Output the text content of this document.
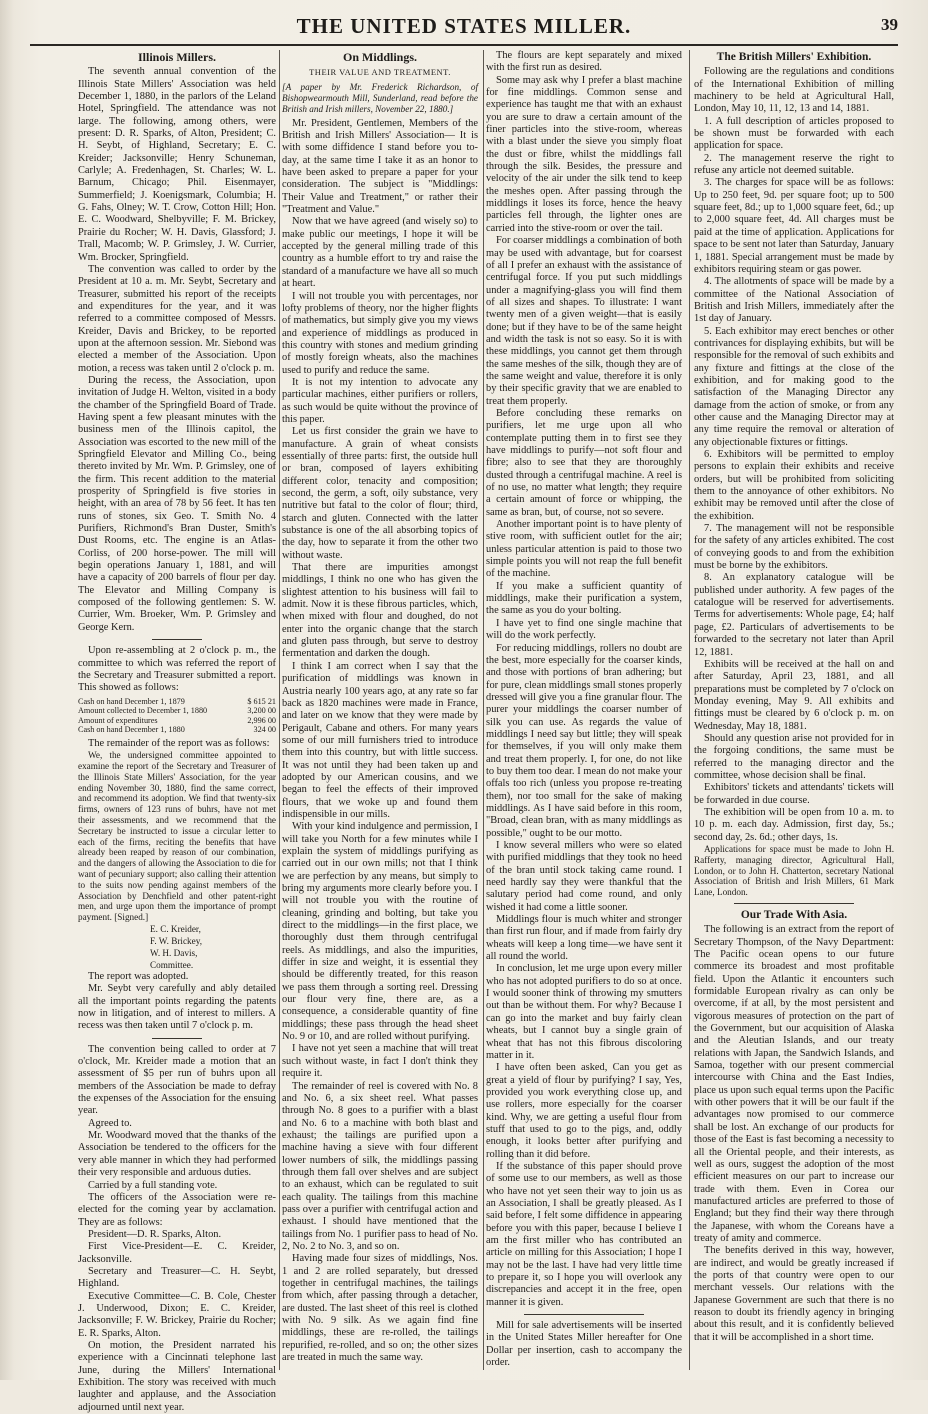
THE UNITED STATES MILLER.	39
Illinois Millers.

The seventh annual convention of the Illinois State Millers' Association was held December 1, 1880, in the parlors of the Leland Hotel, Springfield. The attendance was not large. The following, among others, were present: D. R. Sparks, of Alton, President; C. H. Seybt, of Highland, Secretary; E. C. Kreider; Jacksonville; Henry Schuneman, Carlyle; A. Fredenhagen, St. Charles; W. L. Barnum, Chicago; Phil. Eisenmayer, Summerfield; J. Koenigsmark, Columbia; H. G. Fahs, Olney; W. T. Crow, Cotton Hill; Hon. E. C. Woodward, Shelbyville; F. M. Brickey, Prairie du Rocher; W. H. Davis, Glassford; J. Trall, Macomb; W. P. Grimsley, J. W. Currier, Wm. Brocker, Springfield.

The convention was called to order by the President at 10 a. m. Mr. Seybt, Secretary and Treasurer, submitted his report of the receipts and expenditures for the year, and it was referred to a committee composed of Messrs. Kreider, Davis and Brickey, to be reported upon at the afternoon session. Mr. Siebond was elected a member of the Association. Upon motion, a recess was taken until 2 o'clock p. m.

During the recess, the Association, upon invitation of Judge H. Welton, visited in a body the chamber of the Springfield Board of Trade. Having spent a few pleasant minutes with the business men of the Illinois capitol, the Association was escorted to the new mill of the Springfield Elevator and Milling Co., being thereto invited by Mr. Wm. P. Grimsley, one of the firm. This recent addition to the material prosperity of Springfield is five stories in height, with an area of 78 by 56 feet. It has ten runs of stones, six Geo. T. Smith No. 4 Purifiers, Richmond's Bran Duster, Smith's Dust Rooms, etc. The engine is an Atlas-Corliss, of 200 horse-power. The mill will begin operations January 1, 1881, and will have a capacity of 200 barrels of flour per day. The Elevator and Milling Company is composed of the following gentlemen: S. W. Currier, Wm. Broeker, Wm. P. Grimsley and George Kern.

Upon re-assembling at 2 o'clock p. m., the committee to which was referred the report of the Secretary and Treasurer submitted a report. This showed as follows:

Cash on hand December 1, 1879	$ 615 21
Amount collected to December 1, 1880	3,200 00
Amount of expenditures	2,996 00
Cash on hand December 1, 1880	324 00

The remainder of the report was as follows:

We, the undersigned committee appointed to examine the report of the Secretary and Treasurer of the Illinois State Millers' Association, for the year ending November 30, 1880, find the same correct, and recommend its adoption. We find that twenty-six firms, owners of 123 runs of buhrs, have not met their assessments, and we recommend that the Secretary be instructed to issue a circular letter to each of the firms, reciting the benefits that have already been reaped by reason of our combination, and the dangers of allowing the Association to die for want of pecuniary support; also calling their attention to the suits now pending against members of the Association by Denchfield and other patent-right men, and urge upon them the importance of prompt payment. [Signed.]

E. C. Kreider,
F. W. Brickey,
W. H. Davis,
Committee.

The report was adopted.

Mr. Seybt very carefully and ably detailed all the important points regarding the patents now in litigation, and of interest to millers. A recess was then taken until 7 o'clock p. m.

The convention being called to order at 7 o'clock, Mr. Kreider made a motion that an assessment of $5 per run of buhrs upon all members of the Association be made to defray the expenses of the Association for the ensuing year.

Agreed to.

Mr. Woodward moved that the thanks of the Association be tendered to the officers for the very able manner in which they had performed their very responsible and arduous duties.

Carried by a full standing vote.

The officers of the Association were re-elected for the coming year by acclamation. They are as follows:

President—D. R. Sparks, Alton.

First Vice-President—E. C. Kreider, Jacksonville.

Secretary and Treasurer—C. H. Seybt, Highland.

Executive Committee—C. B. Cole, Chester J. Underwood, Dixon; E. C. Kreider, Jacksonville; F. W. Brickey, Prairie du Rocher; E. R. Sparks, Alton.

On motion, the President narrated his experience with a Cincinnati telephone last June, during the Millers' International Exhibition. The story was received with much laughter and applause, and the Association adjourned until next year.

On Middlings.
THEIR VALUE AND TREATMENT.

[A paper by Mr. Frederick Richardson, of Bishopwearmouth Mill, Sunderland, read before the British and Irish millers, November 22, 1880.]

Mr. President, Gentlemen, Members of the British and Irish Millers' Association— It is with some diffidence I stand before you to-day, at the same time I take it as an honor to have been asked to prepare a paper for your consideration. The subject is "Middlings: Their Value and Treatment," or rather their "Treatment and Value."

Now that we have agreed (and wisely so) to make public our meetings, I hope it will be accepted by the general milling trade of this country as a humble effort to try and raise the standard of a manufacture we have all so much at heart.

I will not trouble you with percentages, nor lofty problems of theory, nor the higher flights of mathematics, but simply give you my views and experience of middlings as produced in this country with stones and medium grinding of mostly foreign wheats, also the machines used to purify and reduce the same.

It is not my intention to advocate any particular machines, either purifiers or rollers, as such would be quite without the province of this paper.

Let us first consider the grain we have to manufacture. A grain of wheat consists essentially of three parts: first, the outside hull or bran, composed of layers exhibiting different color, tenacity and composition; second, the germ, a soft, oily substance, very nutritive but fatal to the color of flour; third, starch and gluten. Connected with the latter substance is one of the all absorbing topics of the day, how to separate it from the other two without waste.

That there are impurities amongst middlings, I think no one who has given the slightest attention to his business will fail to admit. Now it is these fibrous particles, which, when mixed with flour and doughed, do not enter into the organic change that the starch and gluten pass through, but serve to destroy fermentation and darken the dough.

I think I am correct when I say that the purification of middlings was known in Austria nearly 100 years ago, at any rate so far back as 1820 machines were made in France, and later on we know that they were made by Perigault, Cabane and others. For many years some of our mill furnishers tried to introduce them into this country, but with little success. It was not until they had been taken up and adopted by our American cousins, and we began to feel the effects of their improved flours, that we woke up and found them indispensible in our mills.

With your kind indulgence and permission, I will take you North for a few minutes while I explain the system of middlings purifying as carried out in our own mills; not that I think we are perfection by any means, but simply to bring my arguments more clearly before you. I will not trouble you with the routine of cleaning, grinding and bolting, but take you direct to the middlings—in the first place, we thoroughly dust them through centrifugal reels. As middlings, and also the impurities, differ in size and weight, it is essential they should be differently treated, for this reason we pass them through a sorting reel. Dressing our flour very fine, there are, as a consequence, a considerable quantity of fine middlings; these pass through the head sheet No. 9 or 10, and are rolled without purifying.

I have not yet seen a machine that will treat such without waste, in fact I don't think they require it.

The remainder of reel is covered with No. 8 and No. 6, a six sheet reel. What passes through No. 8 goes to a purifier with a blast and No. 6 to a machine with both blast and exhaust; the tailings are purified upon a machine having a sieve with four different lower numbers of silk, the middlings passing through them fall over shelves and are subject to an exhaust, which can be regulated to suit each quality. The tailings from this machine pass over a purifier with centrifugal action and exhaust. I should have mentioned that the tailings from No. 1 purifier pass to head of No. 2, No. 2 to No. 3, and so on.

Having made four sizes of middlings, Nos. 1 and 2 are rolled separately, but dressed together in centrifugal machines, the tailings from which, after passing through a detacher, are dusted. The last sheet of this reel is clothed with No. 9 silk. As we again find fine middlings, these are re-rolled, the tailings repurified, re-rolled, and so on; the other sizes are treated in much the same way.

The flours are kept separately and mixed with the first run as desired.

Some may ask why I prefer a blast machine for fine middlings. Common sense and experience has taught me that with an exhaust you are sure to draw a certain amount of the finer particles into the stive-room, whereas with a blast under the sieve you simply float the dust or fibre, whilst the middlings fall through the silk. Besides, the pressure and velocity of the air under the silk tend to keep the meshes open. After passing through the middlings it loses its force, hence the heavy particles fell through, the lighter ones are carried into the stive-room or over the tail.

For coarser middlings a combination of both may be used with advantage, but for coarsest of all I prefer an exhaust with the assistance of centrifugal force. If you put such middlings under a magnifying-glass you will find them of all sizes and shapes. To illustrate: I want twenty men of a given weight—that is easily done; but if they have to be of the same height and width the task is not so easy. So it is with these middlings, you cannot get them through the same meshes of the silk, though they are of the same weight and value, therefore it is only by their specific gravity that we are enabled to treat them properly.

Before concluding these remarks on purifiers, let me urge upon all who contemplate putting them in to first see they have middlings to purify—not soft flour and fibre; also to see that they are thoroughly dusted through a centrifugal machine. A reel is of no use, no matter what length; they require a certain amount of force or whipping, the same as bran, but, of course, not so severe.

Another important point is to have plenty of stive room, with sufficient outlet for the air; unless particular attention is paid to those two simple points you will not reap the full benefit of the machine.

If you make a sufficient quantity of middlings, make their purification a system, the same as you do your bolting.

I have yet to find one single machine that will do the work perfectly.

For reducing middlings, rollers no doubt are the best, more especially for the coarser kinds, and those with portions of bran adhering; but for pure, clean middlings small stones properly dressed will give you a fine granular flour. The purer your middlings the coarser number of silk you can use. As regards the value of middlings I need say but little; they will speak for themselves, if you will only make them and treat them properly. I, for one, do not like to buy them too dear. I mean do not make your offals too rich (unless you propose re-treating them), nor too small for the sake of making middlings. As I have said before in this room, "Broad, clean bran, with as many middlings as possible," ought to be our motto.

I know several millers who were so elated with purified middlings that they took no heed of the bran until stock taking came round. I need hardly say they were thankful that the salutary period had come round, and only wished it had come a little sooner.

Middlings flour is much whiter and stronger than first run flour, and if made from fairly dry wheats will keep a long time—we have sent it all round the world.

In conclusion, let me urge upon every miller who has not adopted purifiers to do so at once. I would sooner think of throwing my smutters out than be without them. For why? Because I can go into the market and buy fairly clean wheats, but I cannot buy a single grain of wheat that has not this fibrous discoloring matter in it.

I have often been asked, Can you get as great a yield of flour by purifying? I say, Yes, provided you work everything close up, and use rollers, more especially for the coarser kind. Why, we are getting a useful flour from stuff that used to go to the pigs, and, oddly enough, it looks better after purifying and rolling than it did before.

If the substance of this paper should prove of some use to our members, as well as those who have not yet seen their way to join us as an Association, I shall be greatly pleased. As I said before, I felt some diffidence in appearing before you with this paper, because I believe I am the first miller who has contributed an article on milling for this Association; I hope I may not be the last. I have had very little time to prepare it, so I hope you will overlook any discrepancies and accept it in the free, open manner it is given.

Mill for sale advertisements will be inserted in the United States Miller hereafter for One Dollar per insertion, cash to accompany the order.

The British Millers' Exhibition.

Following are the regulations and conditions of the International Exhibition of milling machinery to be held at Agricultural Hall, London, May 10, 11, 12, 13 and 14, 1881.

1. A full description of articles proposed to be shown must be forwarded with each application for space.

2. The management reserve the right to refuse any article not deemed suitable.

3. The charges for space will be as follows: Up to 250 feet, 9d. per square foot; up to 500 square feet, 8d.; up to 1,000 square feet, 6d.; up to 2,000 square feet, 4d. All charges must be paid at the time of application. Applications for space to be sent not later than Saturday, January 1, 1881. Special arrangement must be made by exhibitors requiring steam or gas power.

4. The allotments of space will be made by a committee of the National Association of British and Irish Millers, immediately after the 1st day of January.

5. Each exhibitor may erect benches or other contrivances for displaying exhibits, but will be responsible for the removal of such exhibits and any fixture and fittings at the close of the exhibition, and for making good to the satisfaction of the Managing Director any damage from the action of smoke, or from any other cause and the Managing Director may at any time require the removal or alteration of any objectionable fixtures or fittings.

6. Exhibitors will be permitted to employ persons to explain their exhibits and receive orders, but will be prohibited from soliciting them to the annoyance of other exhibitors. No exhibit may be removed until after the close of the exhibition.

7. The management will not be responsible for the safety of any articles exhibited. The cost of conveying goods to and from the exhibition must be borne by the exhibitors.

8. An explanatory catalogue will be published under authority. A few pages of the catalogue will be reserved for advertisements. Terms for advertisements: Whole page, £4; half page, £2. Particulars of advertisements to be forwarded to the secretary not later than April 12, 1881.

Exhibits will be received at the hall on and after Saturday, April 23, 1881, and all preparations must be completed by 7 o'clock on Monday evening, May 9. All exhibits and fittings must be cleared by 6 o'clock p. m. on Wednesday, May 18, 1881.

Should any question arise not provided for in the forgoing conditions, the same must be referred to the managing director and the committee, whose decision shall be final.

Exhibitors' tickets and attendants' tickets will be forwarded in due course.

The exhibition will be open from 10 a. m. to 10 p. m. each day. Admission, first day, 5s.; second day, 2s. 6d.; other days, 1s.

Applications for space must be made to John H. Rafferty, managing director, Agricultural Hall, London, or to John H. Chatterton, secretary National Association of British and Irish Millers, 61 Mark Lane, London.

Our Trade With Asia.

The following is an extract from the report of Secretary Thompson, of the Navy Department: The Pacific ocean opens to our future commerce its broadest and most profitable field. Upon the Atlantic it encounters such formidable European rivalry as can only be overcome, if at all, by the most persistent and vigorous measures of protection on the part of the Government, but our acquisition of Alaska and the Aleutian Islands, and our treaty relations with Japan, the Sandwich Islands, and Samoa, together with our present commercial intercourse with China and the East Indies, place us upon such equal terms upon the Pacific with other powers that it will be our fault if the advantages now promised to our commerce shall be lost. An exchange of our products for those of the East is fast becoming a necessity to all the Oriental people, and their interests, as well as ours, suggest the adoption of the most efficient measures on our part to increase our trade with them. Even in Corea our manufactured articles are preferred to those of England; but they find their way there through the Japanese, with whom the Coreans have a treaty of amity and commerce.

The benefits derived in this way, however, are indirect, and would be greatly increased if the ports of that country were open to our merchant vessels. Our relations with the Japanese Government are such that there is no reason to doubt its friendly agency in bringing about this result, and it is confidently believed that it will be accomplished in a short time.
